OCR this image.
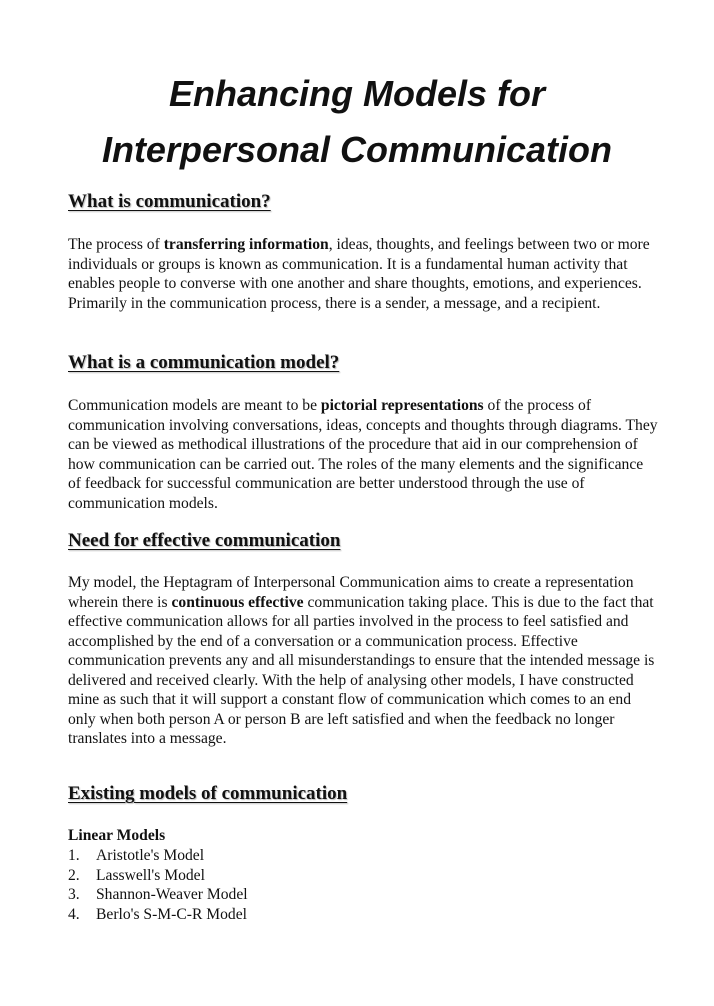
Enhancing Models for
Interpersonal Communication
What is communication?

The process of transferring information, ideas, thoughts, and feelings between two or more individuals or groups is known as communication. It is a fundamental human activity that enables people to converse with one another and share thoughts, emotions, and experiences. Primarily in the communication process, there is a sender, a message, and a recipient.

What is a communication model?

Communication models are meant to be pictorial representations of the process of communication involving conversations, ideas, concepts and thoughts through diagrams. They can be viewed as methodical illustrations of the procedure that aid in our comprehension of how communication can be carried out. The roles of the many elements and the significance of feedback for successful communication are better understood through the use of communication models.

Need for effective communication

My model, the Heptagram of Interpersonal Communication aims to create a representation wherein there is continuous effective communication taking place. This is due to the fact that effective communication allows for all parties involved in the process to feel satisfied and accomplished by the end of a conversation or a communication process. Effective communication prevents any and all misunderstandings to ensure that the intended message is delivered and received clearly. With the help of analysing other models, I have constructed mine as such that it will support a constant flow of communication which comes to an end only when both person A or person B are left satisfied and when the feedback no longer translates into a message.

Existing models of communication

Linear Models

1.	Aristotle's Model
2.	Lasswell's Model
3.	Shannon-Weaver Model
4.	Berlo's S-M-C-R Model
